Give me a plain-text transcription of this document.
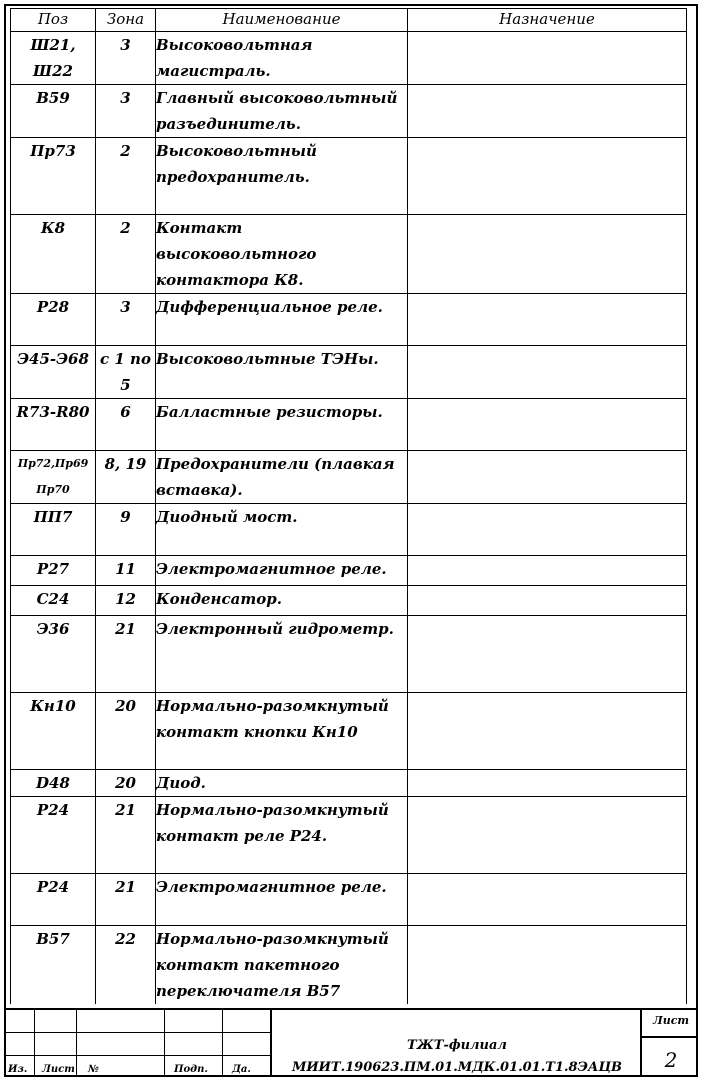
Поз	Зона	Наименование	Назначение
Ш21, Ш22	3	Высоковольтная магистраль.	
В59	3	Главный высоковольтный разъединитель.	
Пр73	2	Высоковольтный предохранитель.	
К8	2	Контакт высоковольтного контактора К8.	
Р28	3	Дифференциальное реле.	
Э45-Э68	с 1 по 5	Высоковольтные ТЭНы.	
R73-R80	6	Балластные резисторы.	
Пр72,Пр69 Пр70	8, 19	Предохранители (плавкая вставка).	
ПП7	9	Диодный мост.	
Р27	11	Электромагнитное реле.	
С24	12	Конденсатор.	
Э36	21	Электронный гидрометр.	
Кн10	20	Нормально-разомкнутый контакт кнопки Кн10	
D48	20	Диод.	
Р24	21	Нормально-разомкнутый контакт реле Р24.	
Р24	21	Электромагнитное реле.	
В57	22	Нормально-разомкнутый контакт пакетного переключателя В57	
Из. Лист №	Подп. Да.
ТЖТ-филиал
МИИТ.190623.ПМ.01.МДК.01.01.Т1.8ЭАЦВ
Лист
2
